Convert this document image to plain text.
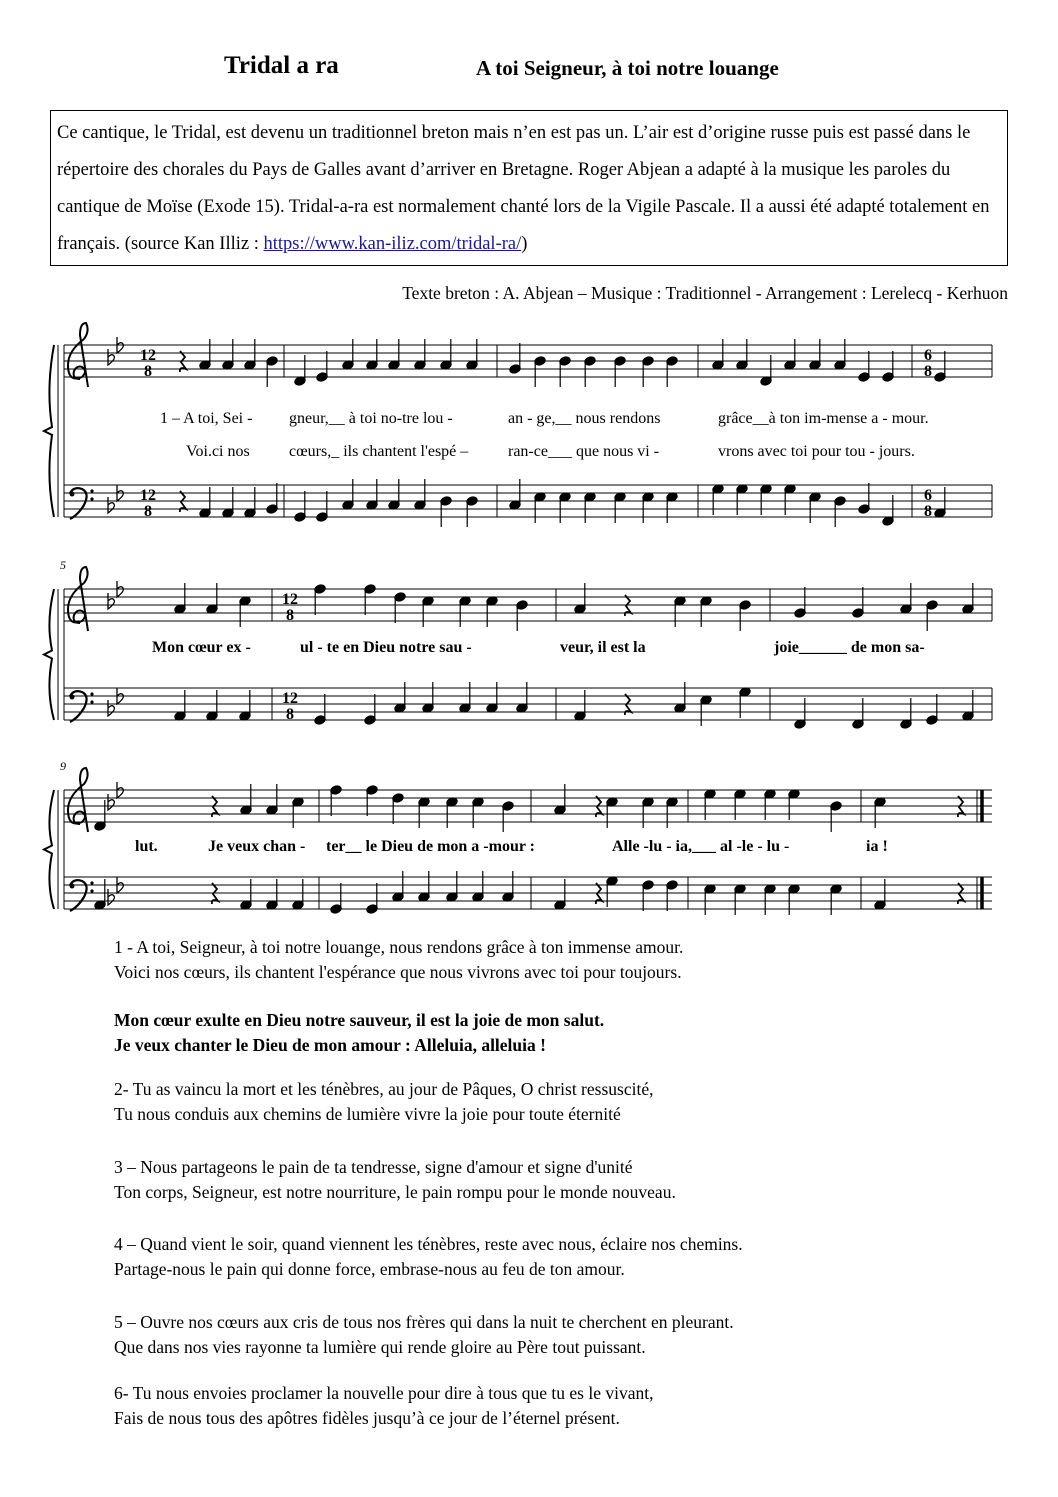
Tridal a ra	A toi Seigneur, à toi notre louange
Ce cantique, le Tridal, est devenu un traditionnel breton mais n’en est pas un. L’air est d’origine russe puis est passé dans le répertoire des chorales du Pays de Galles avant d’arriver en Bretagne. Roger Abjean a adapté à la musique les paroles du cantique de Moïse (Exode 15). Tridal-a-ra est normalement chanté lors de la Vigile Pascale. Il a aussi été adapté totalement en français. (source Kan Illiz : https://www.kan-iliz.com/tridal-ra/)
Texte breton : A. Abjean – Musique : Traditionnel - Arrangement : Lerelecq - Kerhuon
5
9
12
8
12
8
6
8
6
8
12
8
12
8
1 – A toi, Sei - gneur,__ à toi no-tre lou -	an - ge,__ nous rendons	grâce__à ton im-mense a - mour.
Voi.ci nos cœurs,_ ils chantent l'espé – ran-ce___ que nous vi -	vrons avec toi pour tou - jours.
Mon cœur ex -	ul - te en Dieu notre sau -	veur, il est la	joie______ de mon sa-
lut.	Je veux chan - ter__ le Dieu de mon a -mour :	Alle -lu - ia,___ al -le - lu -	ia !

1 - A toi, Seigneur, à toi notre louange, nous rendons grâce à ton immense amour.

Voici nos cœurs, ils chantent l'espérance que nous vivrons avec toi pour toujours.

Mon cœur exulte en Dieu notre sauveur, il est la joie de mon salut.

Je veux chanter le Dieu de mon amour : Alleluia, alleluia !

2- Tu as vaincu la mort et les ténèbres, au jour de Pâques, O christ ressuscité,

Tu nous conduis aux chemins de lumière vivre la joie pour toute éternité

3 – Nous partageons le pain de ta tendresse, signe d'amour et signe d'unité

Ton corps, Seigneur, est notre nourriture, le pain rompu pour le monde nouveau.

4 – Quand vient le soir, quand viennent les ténèbres, reste avec nous, éclaire nos chemins.

Partage-nous le pain qui donne force, embrase-nous au feu de ton amour.

5 – Ouvre nos cœurs aux cris de tous nos frères qui dans la nuit te cherchent en pleurant.

Que dans nos vies rayonne ta lumière qui rende gloire au Père tout puissant.

6- Tu nous envoies proclamer la nouvelle pour dire à tous que tu es le vivant,

Fais de nous tous des apôtres fidèles jusqu’à ce jour de l’éternel présent.
